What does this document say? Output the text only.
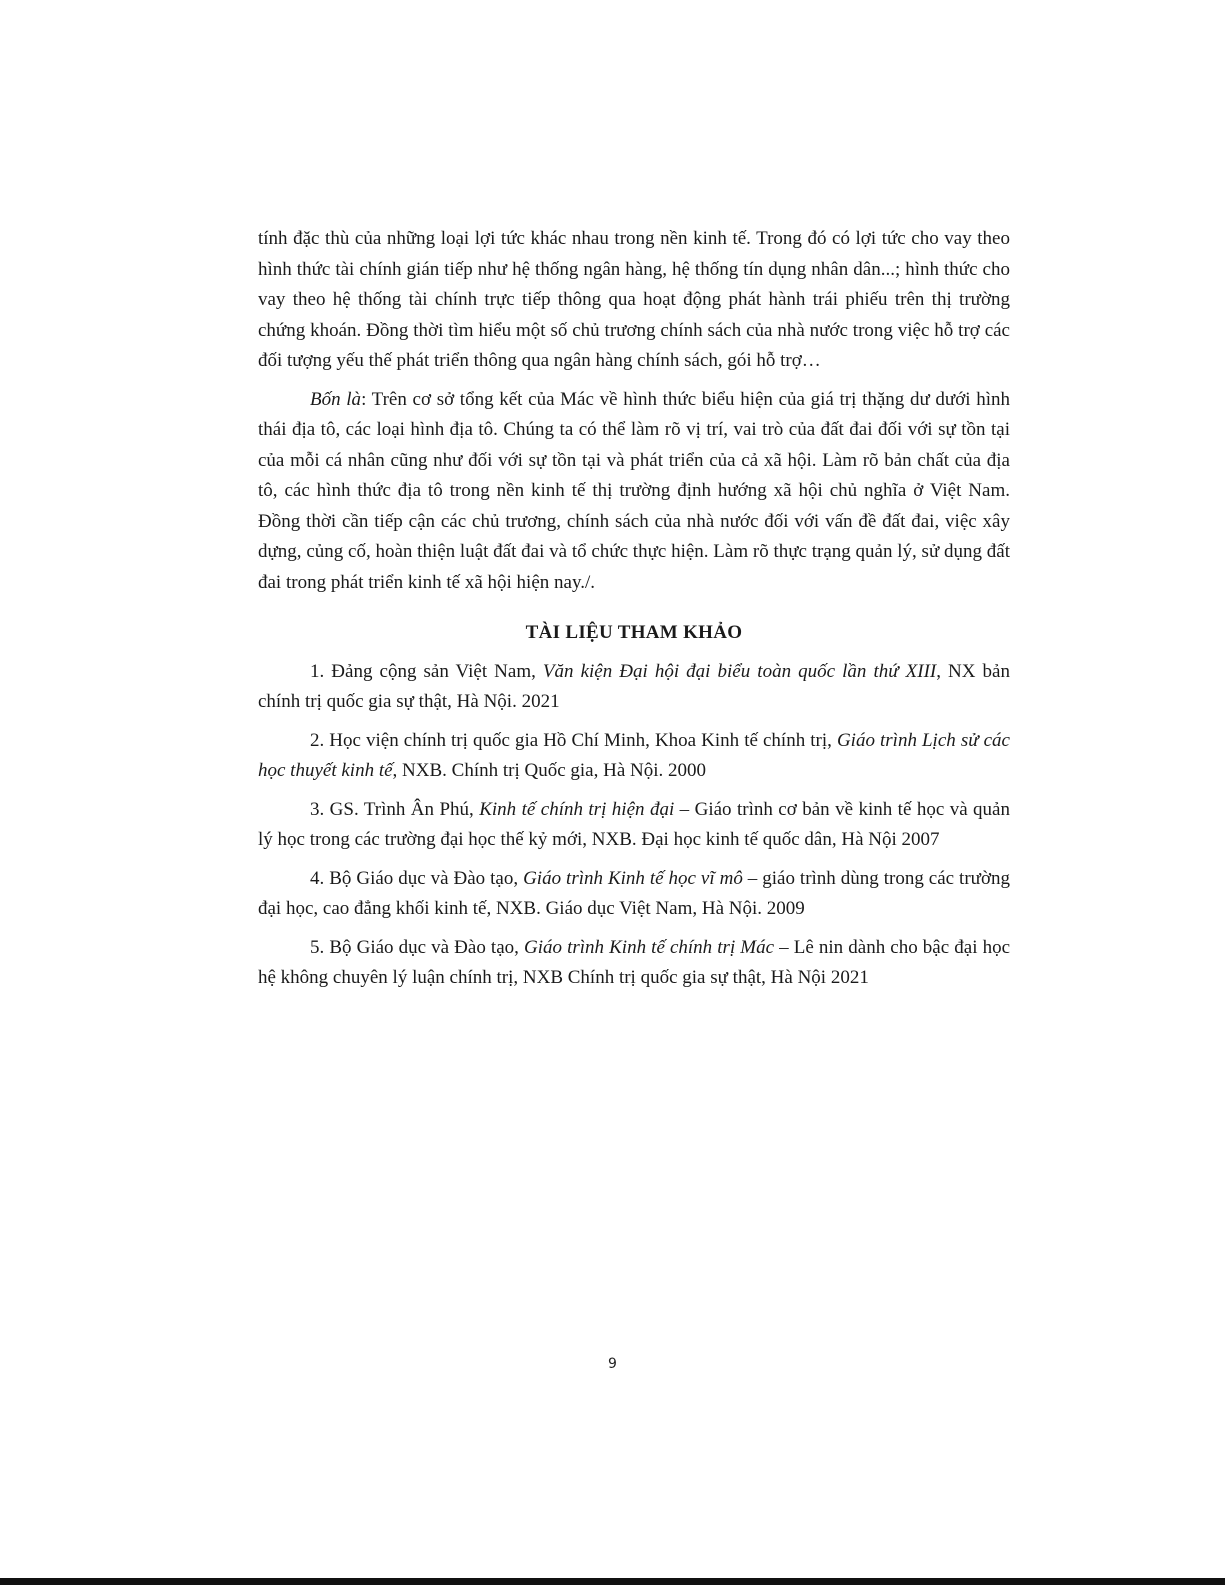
tính đặc thù của những loại lợi tức khác nhau trong nền kinh tế. Trong đó có lợi tức cho vay theo hình thức tài chính gián tiếp như hệ thống ngân hàng, hệ thống tín dụng nhân dân...; hình thức cho vay theo hệ thống tài chính trực tiếp thông qua hoạt động phát hành trái phiếu trên thị trường chứng khoán. Đồng thời tìm hiểu một số chủ trương chính sách của nhà nước trong việc hỗ trợ các đối tượng yếu thế phát triển thông qua ngân hàng chính sách, gói hỗ trợ…

Bốn là: Trên cơ sở tổng kết của Mác về hình thức biểu hiện của giá trị thặng dư dưới hình thái địa tô, các loại hình địa tô. Chúng ta có thể làm rõ vị trí, vai trò của đất đai đối với sự tồn tại của mỗi cá nhân cũng như đối với sự tồn tại và phát triển của cả xã hội. Làm rõ bản chất của địa tô, các hình thức địa tô trong nền kinh tế thị trường định hướng xã hội chủ nghĩa ở Việt Nam. Đồng thời cần tiếp cận các chủ trương, chính sách của nhà nước đối với vấn đề đất đai, việc xây dựng, củng cố, hoàn thiện luật đất đai và tổ chức thực hiện. Làm rõ thực trạng quản lý, sử dụng đất đai trong phát triển kinh tế xã hội hiện nay./.

TÀI LIỆU THAM KHẢO

1. Đảng cộng sản Việt Nam, Văn kiện Đại hội đại biểu toàn quốc lần thứ XIII, NX bản chính trị quốc gia sự thật, Hà Nội. 2021

2. Học viện chính trị quốc gia Hồ Chí Minh, Khoa Kinh tế chính trị, Giáo trình Lịch sử các học thuyết kinh tế, NXB. Chính trị Quốc gia, Hà Nội. 2000

3. GS. Trình Ân Phú, Kinh tế chính trị hiện đại – Giáo trình cơ bản về kinh tế học và quản lý học trong các trường đại học thế kỷ mới, NXB. Đại học kinh tế quốc dân, Hà Nội 2007

4. Bộ Giáo dục và Đào tạo, Giáo trình Kinh tế học vĩ mô – giáo trình dùng trong các trường đại học, cao đẳng khối kinh tế, NXB. Giáo dục Việt Nam, Hà Nội. 2009

5. Bộ Giáo dục và Đào tạo, Giáo trình Kinh tế chính trị Mác – Lê nin dành cho bậc đại học hệ không chuyên lý luận chính trị, NXB Chính trị quốc gia sự thật, Hà Nội 2021

9
